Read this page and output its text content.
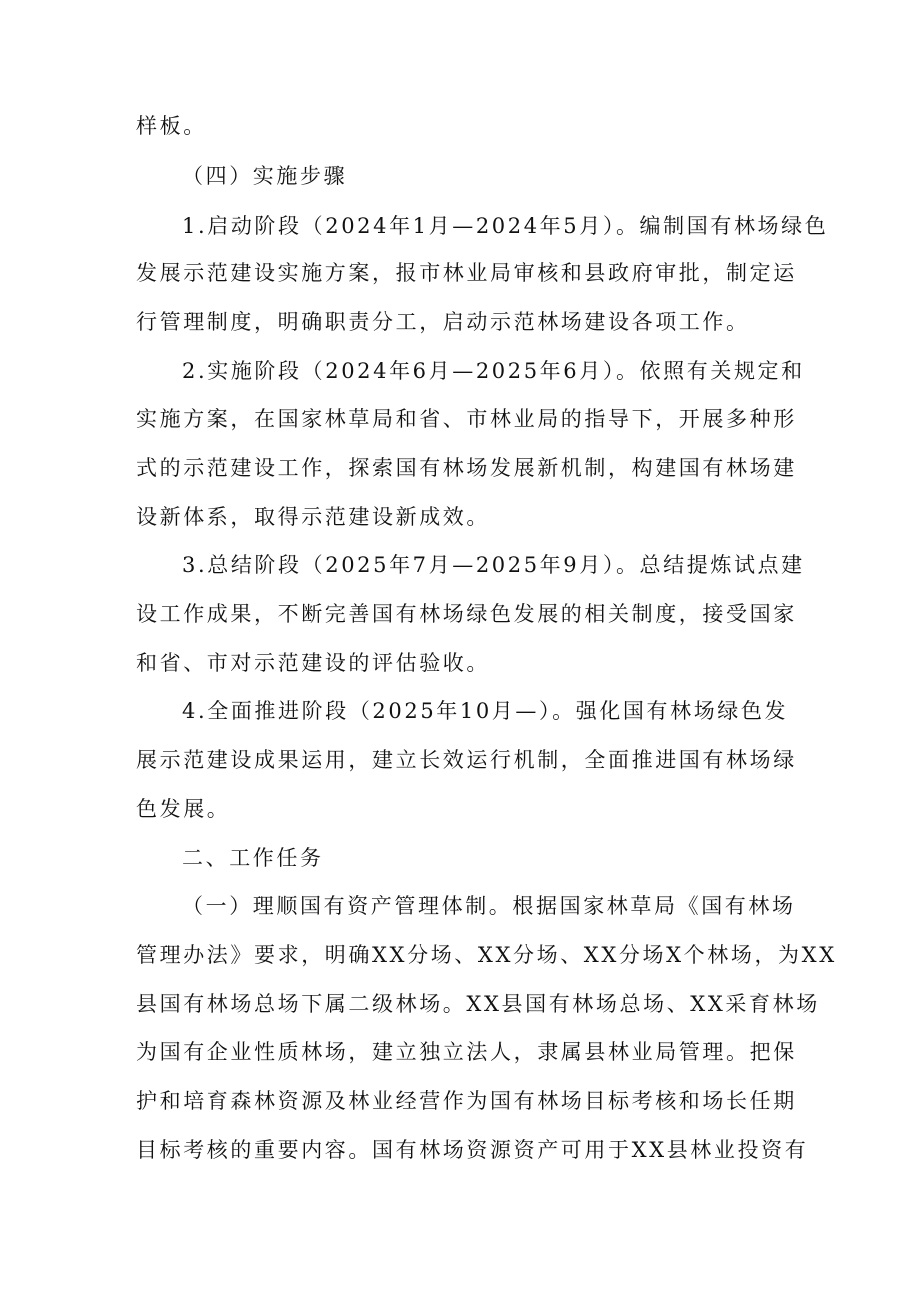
样板。
（四）实施步骤
1.启动阶段（2024年1月—2024年5月）。编制国有林场绿色
发展示范建设实施方案，报市林业局审核和县政府审批，制定运
行管理制度，明确职责分工，启动示范林场建设各项工作。
2.实施阶段（2024年6月—2025年6月）。依照有关规定和
实施方案，在国家林草局和省、市林业局的指导下，开展多种形
式的示范建设工作，探索国有林场发展新机制，构建国有林场建
设新体系，取得示范建设新成效。
3.总结阶段（2025年7月—2025年9月）。总结提炼试点建
设工作成果，不断完善国有林场绿色发展的相关制度，接受国家
和省、市对示范建设的评估验收。
4.全面推进阶段（2025年10月—）。强化国有林场绿色发
展示范建设成果运用，建立长效运行机制，全面推进国有林场绿
色发展。
二、工作任务
（一）理顺国有资产管理体制。根据国家林草局《国有林场
管理办法》要求，明确XX分场、XX分场、XX分场X个林场，为XX
县国有林场总场下属二级林场。XX县国有林场总场、XX采育林场
为国有企业性质林场，建立独立法人，隶属县林业局管理。把保
护和培育森林资源及林业经营作为国有林场目标考核和场长任期
目标考核的重要内容。国有林场资源资产可用于XX县林业投资有
